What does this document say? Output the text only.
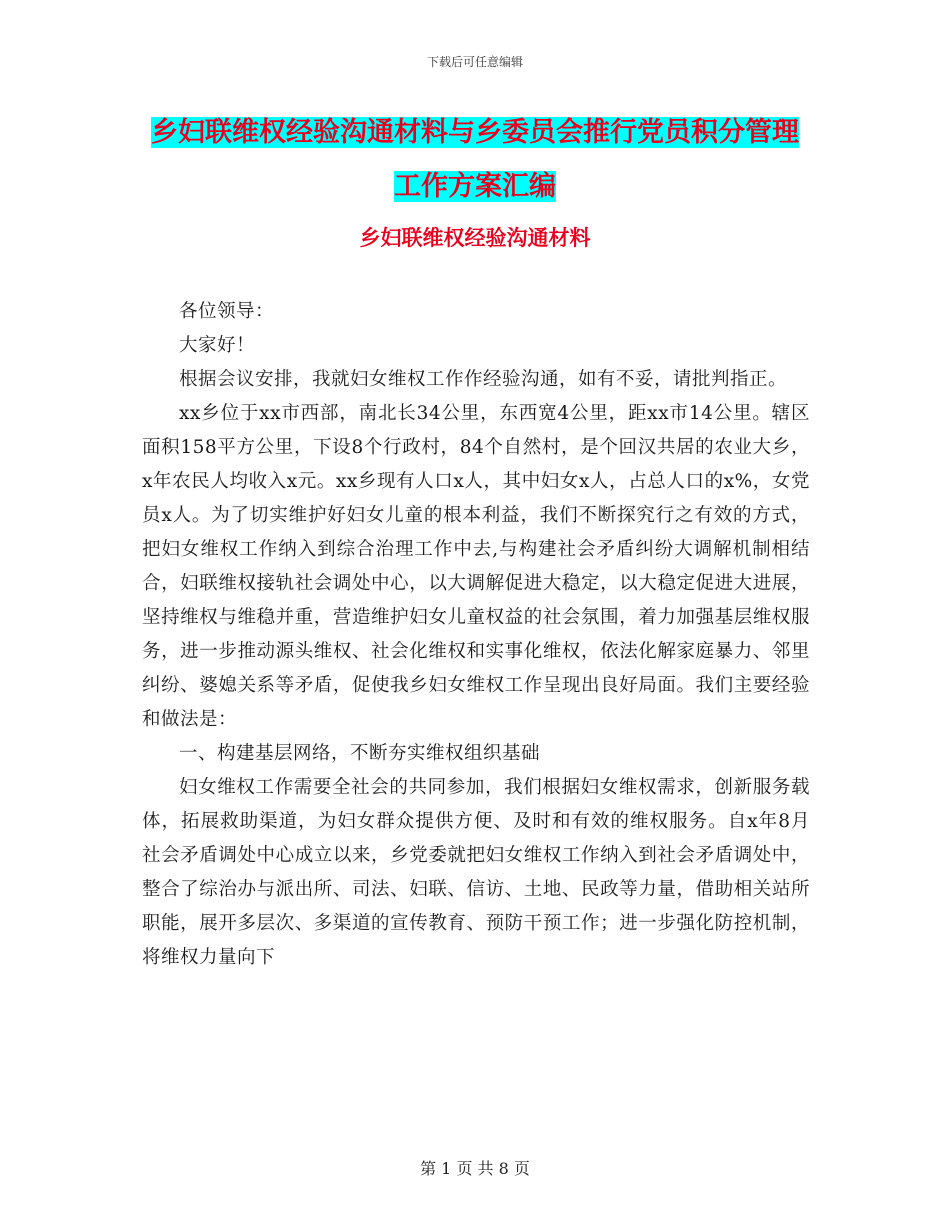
下载后可任意编辑
乡妇联维权经验沟通材料与乡委员会推行党员积分管理工作方案汇编
乡妇联维权经验沟通材料

各位领导：

大家好！

根据会议安排，我就妇女维权工作作经验沟通，如有不妥，请批判指正。

xx乡位于xx市西部，南北长34公里，东西宽4公里，距xx市14公里。辖区面积158平方公里，下设8个行政村，84个自然村，是个回汉共居的农业大乡，x年农民人均收入x元。xx乡现有人口x人，其中妇女x人，占总人口的x%，女党员x人。为了切实维护好妇女儿童的根本利益，我们不断探究行之有效的方式，把妇女维权工作纳入到综合治理工作中去,与构建社会矛盾纠纷大调解机制相结合，妇联维权接轨社会调处中心，以大调解促进大稳定，以大稳定促进大进展，坚持维权与维稳并重，营造维护妇女儿童权益的社会氛围，着力加强基层维权服务，进一步推动源头维权、社会化维权和实事化维权，依法化解家庭暴力、邻里纠纷、婆媳关系等矛盾，促使我乡妇女维权工作呈现出良好局面。我们主要经验和做法是：

一、构建基层网络，不断夯实维权组织基础

妇女维权工作需要全社会的共同参加，我们根据妇女维权需求，创新服务载体，拓展救助渠道，为妇女群众提供方便、及时和有效的维权服务。自x年8月社会矛盾调处中心成立以来，乡党委就把妇女维权工作纳入到社会矛盾调处中，整合了综治办与派出所、司法、妇联、信访、土地、民政等力量，借助相关站所职能，展开多层次、多渠道的宣传教育、预防干预工作；进一步强化防控机制，将维权力量向下

第 1 页 共 8 页
